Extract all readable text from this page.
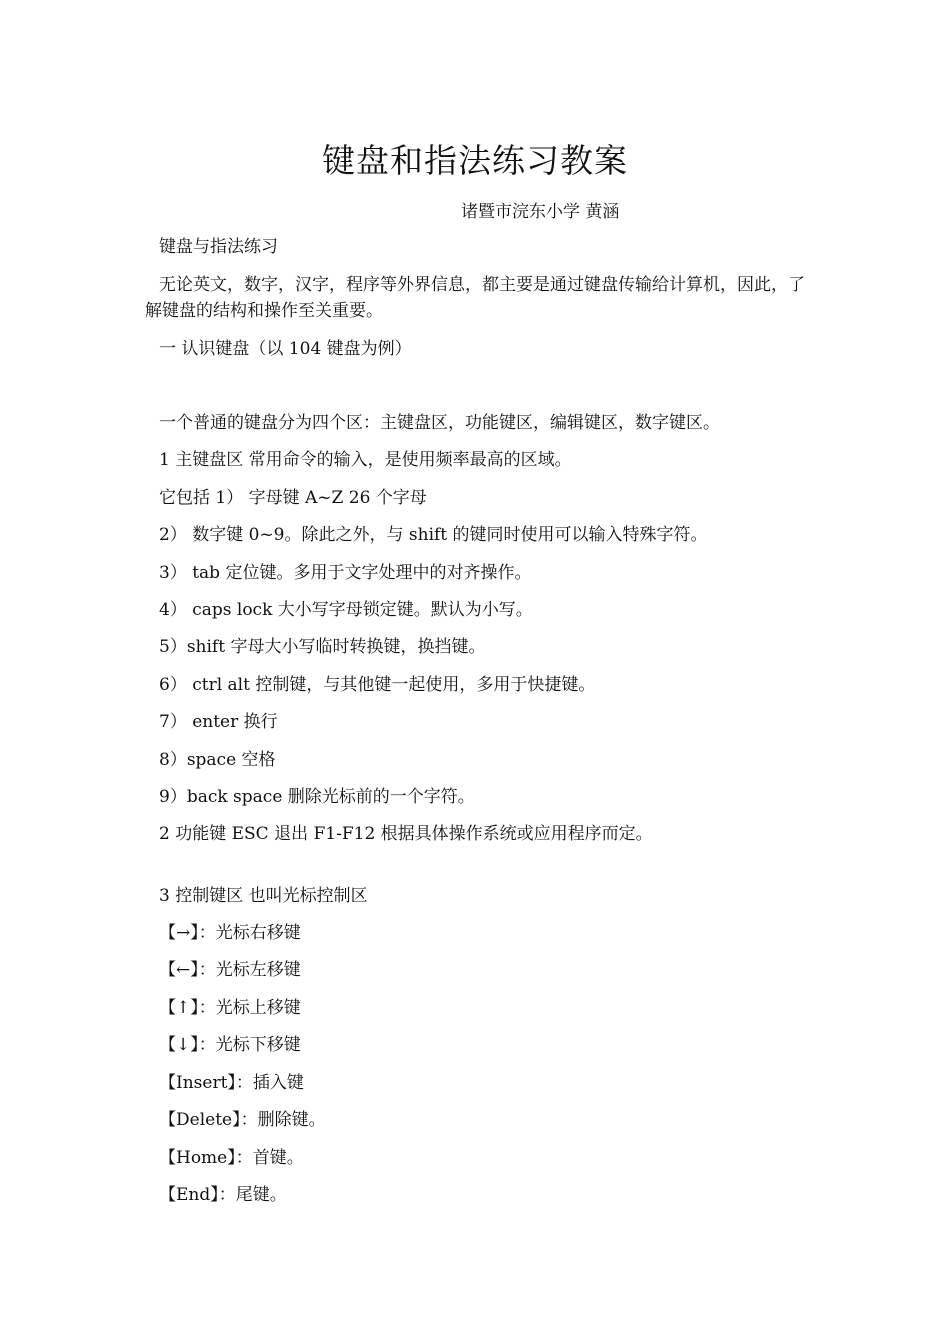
键盘和指法练习教案
诸暨市浣东小学 黄涵
键盘与指法练习
无论英文，数字，汉字，程序等外界信息，都主要是通过键盘传输给计算机，因此，了解键盘的结构和操作至关重要。
一 认识键盘（以 104 键盘为例）
一个普通的键盘分为四个区：主键盘区，功能键区，编辑键区，数字键区。
1 主键盘区 常用命令的输入，是使用频率最高的区域。
它包括 1） 字母键 A~Z 26 个字母
2） 数字键 0~9。除此之外，与 shift 的键同时使用可以输入特殊字符。
3） tab 定位键。多用于文字处理中的对齐操作。
4） caps lock 大小写字母锁定键。默认为小写。
5）shift 字母大小写临时转换键，换挡键。
6） ctrl alt 控制键，与其他键一起使用，多用于快捷键。
7） enter 换行
8）space 空格
9）back space 删除光标前的一个字符。
2 功能键 ESC 退出 F1-F12 根据具体操作系统或应用程序而定。
3 控制键区 也叫光标控制区
【→】：光标右移键
【←】：光标左移键
【↑】：光标上移键
【↓】：光标下移键
【Insert】：插入键
【Delete】：删除键。
【Home】：首键。
【End】：尾键。
